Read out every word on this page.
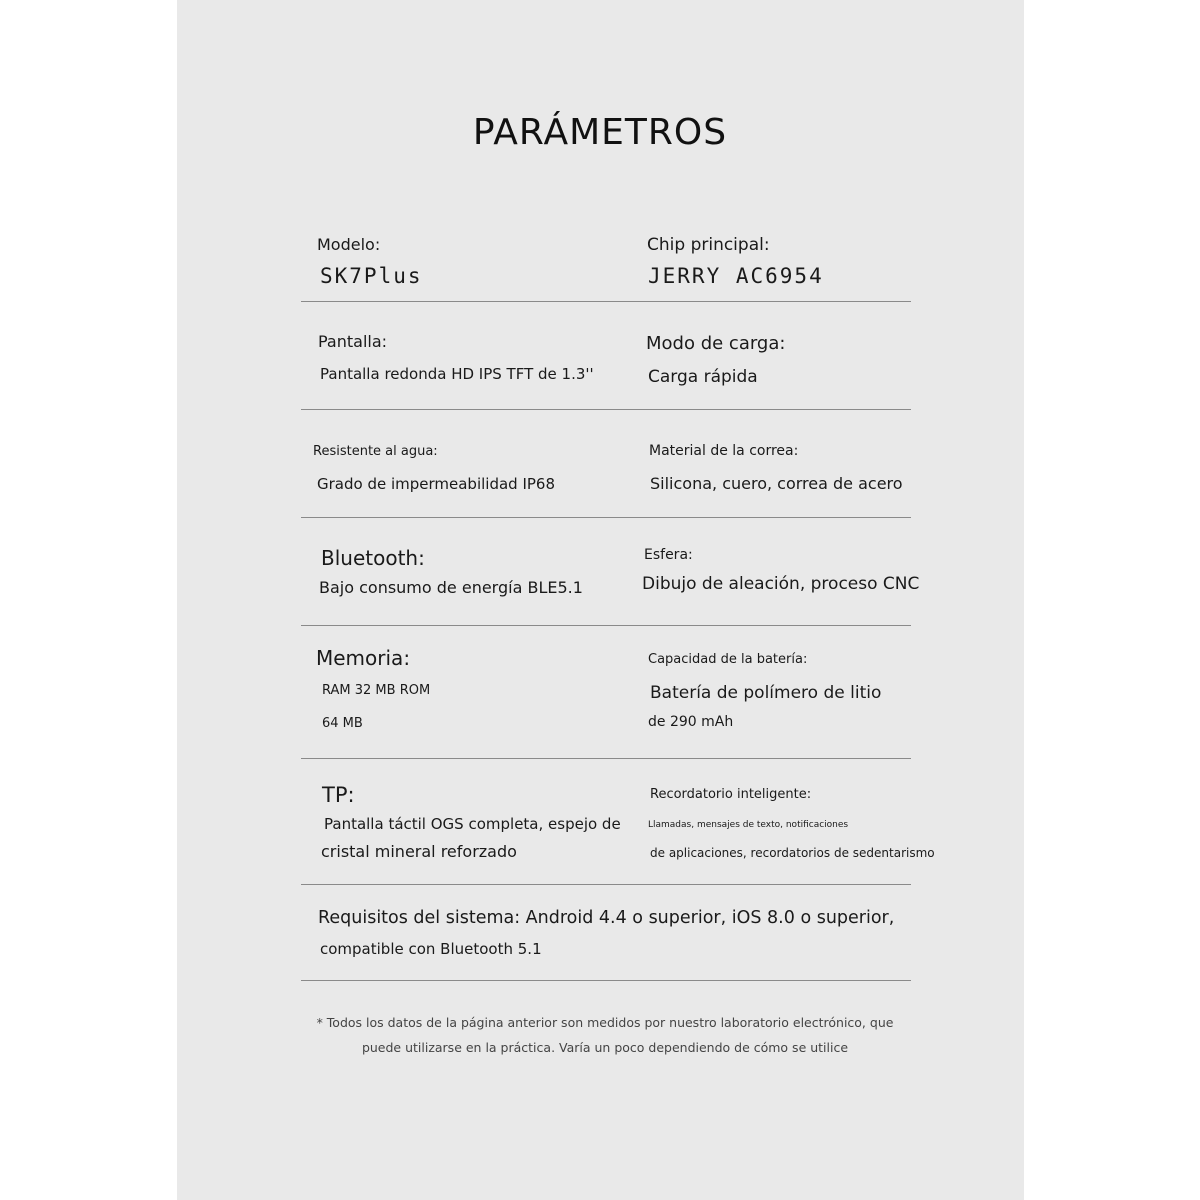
PARÁMETROS
Modelo:
SK7Plus
Chip principal:
JERRY AC6954
Pantalla:
Pantalla redonda HD IPS TFT de 1.3''
Modo de carga:
Carga rápida
Resistente al agua:
Grado de impermeabilidad IP68
Material de la correa:
Silicona, cuero, correa de acero
Bluetooth:
Bajo consumo de energía BLE5.1
Esfera:
Dibujo de aleación, proceso CNC
Memoria:
RAM 32 MB ROM
64 MB
Capacidad de la batería:
Batería de polímero de litio
de 290 mAh
TP:
Pantalla táctil OGS completa, espejo de
cristal mineral reforzado
Recordatorio inteligente:
Llamadas, mensajes de texto, notificaciones
de aplicaciones, recordatorios de sedentarismo
Requisitos del sistema: Android 4.4 o superior, iOS 8.0 o superior,
compatible con Bluetooth 5.1
* Todos los datos de la página anterior son medidos por nuestro laboratorio electrónico, que
puede utilizarse en la práctica. Varía un poco dependiendo de cómo se utilice
